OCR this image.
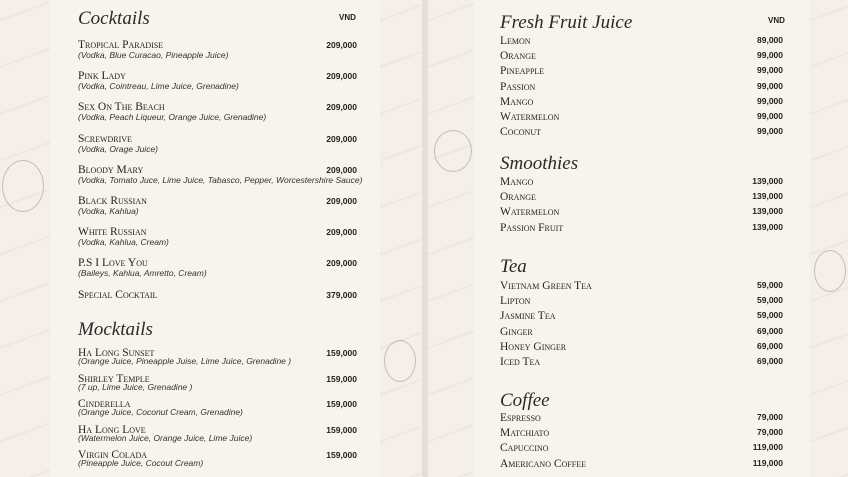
VND
Cocktails
Tropical Paradise
(Vodka, Blue Curacao, Pineapple Juice)
209,000
Pink Lady
(Vodka, Cointreau, Lime Juice, Grenadine)
209,000
Sex On The Beach
(Vodka, Peach Liqueur, Orange Juice, Grenadine)
209,000
Screwdrive
(Vodka, Orage Juice)
209,000
Bloody Mary
(Vodka, Tomato Juce, Lime Juice, Tabasco, Pepper, Worcestershire Sauce)
209,000
Black Russian
(Vodka, Kahlua)
209,000
White Russian
(Vodka, Kahlua, Cream)
209,000
P.S I Love You
(Baileys, Kahlua, Amretto, Cream)
209,000
Special Cocktail	379,000
Mocktails
Ha Long Sunset
(Orange Juice, Pineapple Juise, Lime Juice, Grenadine )
159,000
Shirley Temple
(7 up, Lime Juice, Grenadine )
159,000
Cinderella
(Orange Juice, Coconut Cream, Grenadine)
159,000
Ha Long Love
(Watermelon Juice, Orange Juice, Lime Juice)
159,000
Virgin Colada
(Pineapple Juice, Cocout Cream)
159,000
VND
Fresh Fruit Juice
Lemon	89,000
Orange	99,000
Pineapple	99,000
Passion	99,000
Mango	99,000
Watermelon	99,000
Coconut	99,000
Smoothies
Mango	139,000
Orange	139,000
Watermelon	139,000
Passion Fruit	139,000
Tea
Vietnam Green Tea	59,000
Lipton	59,000
Jasmine Tea	59,000
Ginger	69,000
Honey Ginger	69,000
Iced Tea	69,000
Coffee
Espresso	79,000
Matchiato	79,000
Capuccino	119,000
Americano Coffee	119,000
